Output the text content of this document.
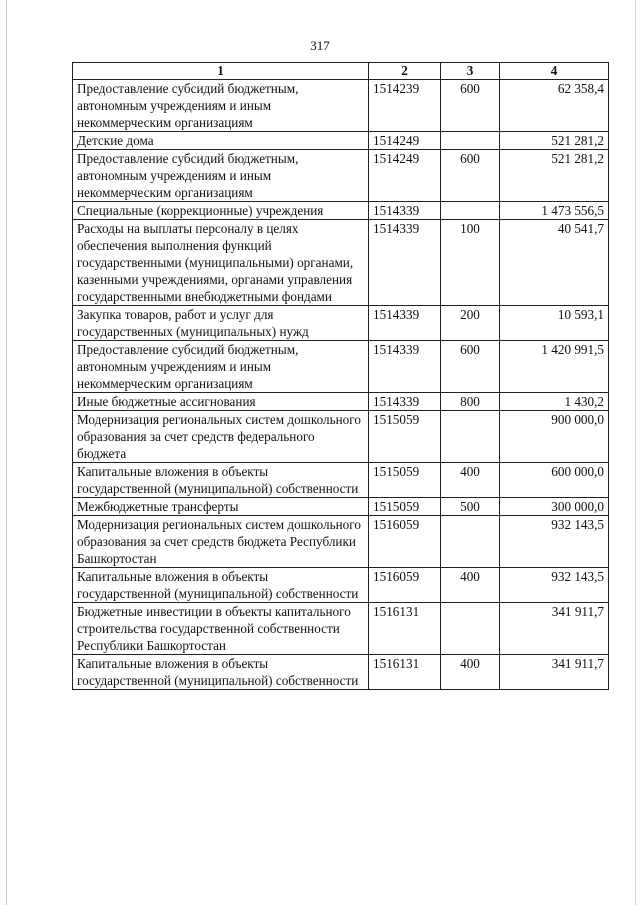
317
1	2	3	4
Предоставление субсидий бюджетным, автономным учреждениям и иным некоммерческим организациям	1514239	600	62 358,4
Детские дома	1514249		521 281,2
Предоставление субсидий бюджетным, автономным учреждениям и иным некоммерческим организациям	1514249	600	521 281,2
Специальные (коррекционные) учреждения	1514339		1 473 556,5
Расходы на выплаты персоналу в целях обеспечения выполнения функций государственными (муниципальными) органами, казенными учреждениями, органами управления государственными внебюджетными фондами	1514339	100	40 541,7
Закупка товаров, работ и услуг для государственных (муниципальных) нужд	1514339	200	10 593,1
Предоставление субсидий бюджетным, автономным учреждениям и иным некоммерческим организациям	1514339	600	1 420 991,5
Иные бюджетные ассигнования	1514339	800	1 430,2
Модернизация региональных систем дошкольного образования за счет средств федерального бюджета	1515059		900 000,0
Капитальные вложения в объекты государственной (муниципальной) собственности	1515059	400	600 000,0
Межбюджетные трансферты	1515059	500	300 000,0
Модернизация региональных систем дошкольного образования за счет средств бюджета Республики Башкортостан	1516059		932 143,5
Капитальные вложения в объекты государственной (муниципальной) собственности	1516059	400	932 143,5
Бюджетные инвестиции в объекты капитального строительства государственной собственности Республики Башкортостан	1516131		341 911,7
Капитальные вложения в объекты государственной (муниципальной) собственности	1516131	400	341 911,7
